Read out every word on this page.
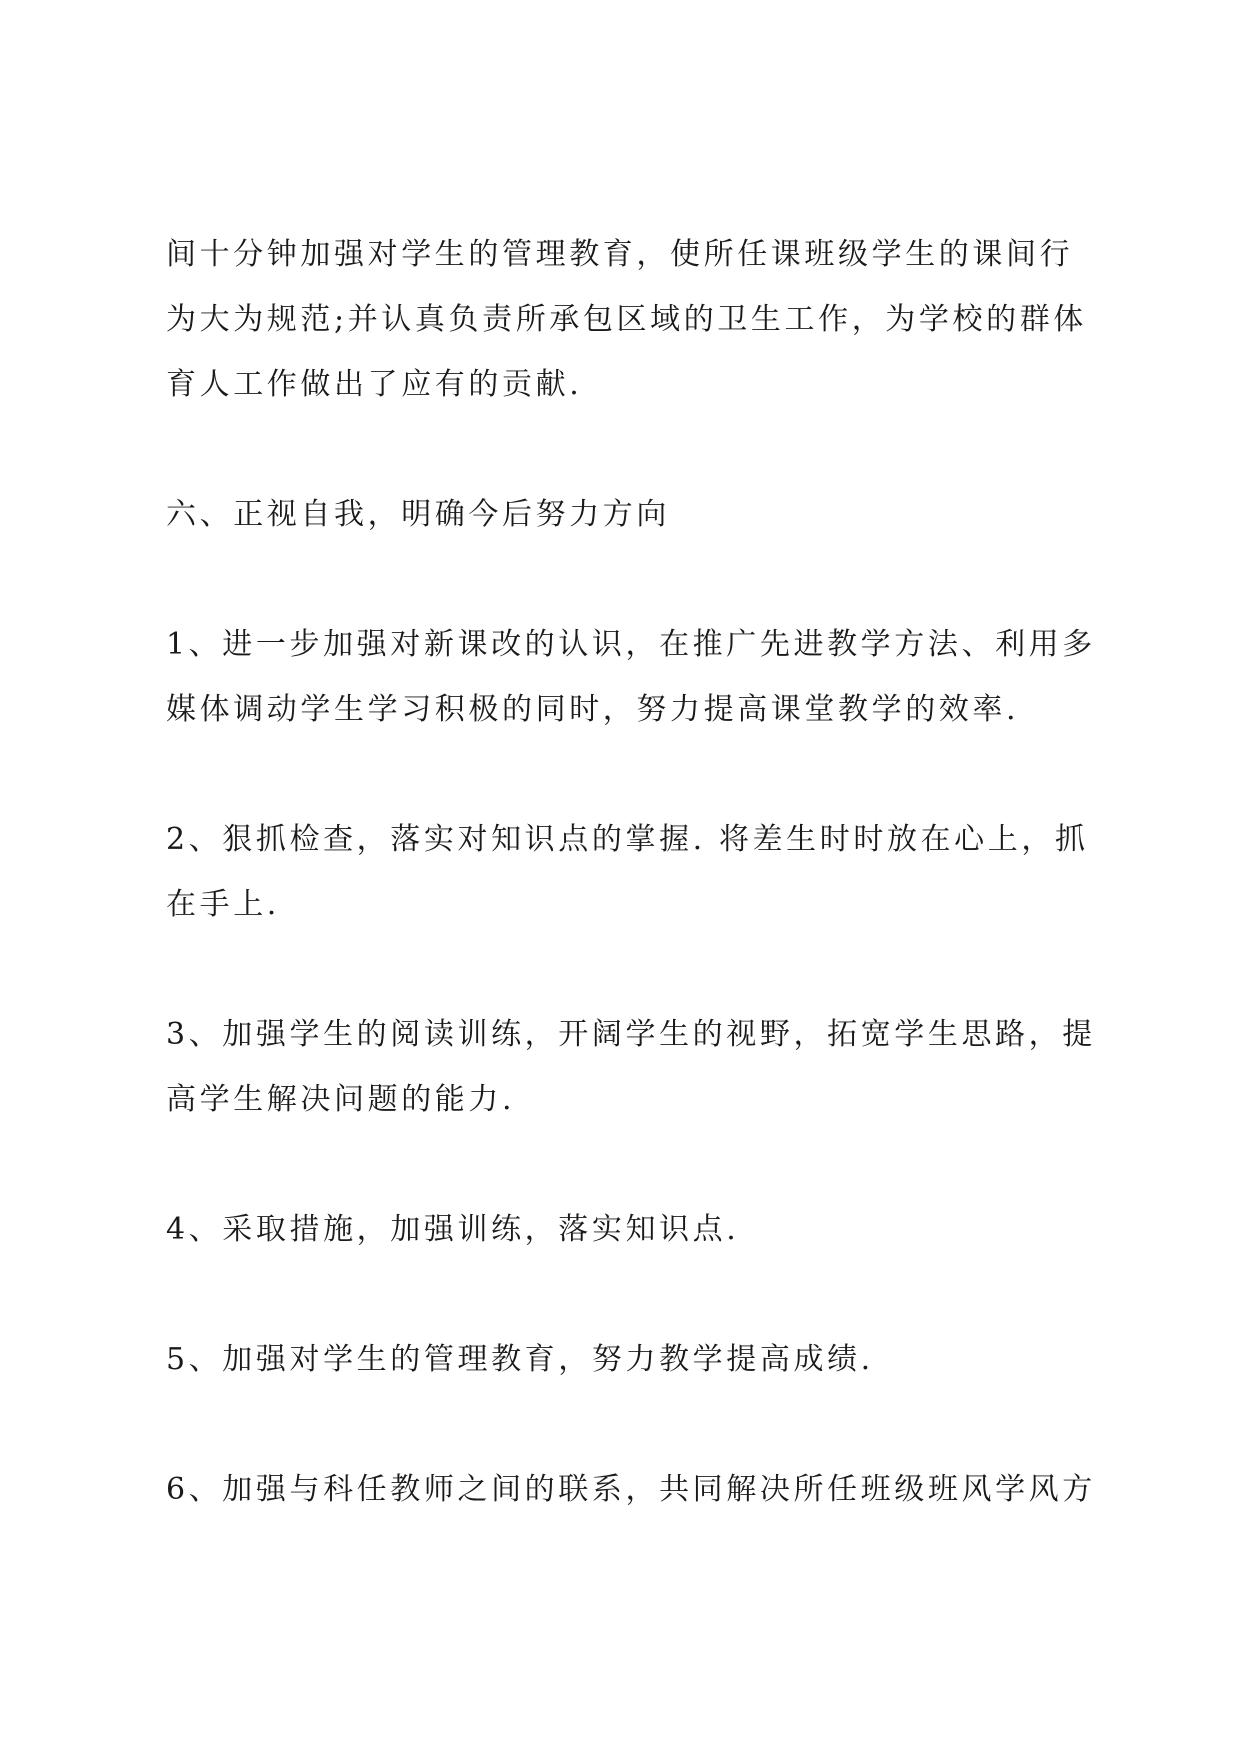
间十分钟加强对学生的管理教育，使所任课班级学生的课间行为大为规范;并认真负责所承包区域的卫生工作，为学校的群体育人工作做出了应有的贡献.

六、正视自我，明确今后努力方向

1、进一步加强对新课改的认识，在推广先进教学方法、利用多媒体调动学生学习积极的同时，努力提高课堂教学的效率.

2、狠抓检查，落实对知识点的掌握. 将差生时时放在心上，抓在手上.

3、加强学生的阅读训练，开阔学生的视野，拓宽学生思路，提高学生解决问题的能力.

4、采取措施，加强训练，落实知识点.

5、加强对学生的管理教育，努力教学提高成绩.

6、加强与科任教师之间的联系，共同解决所任班级班风学风方
